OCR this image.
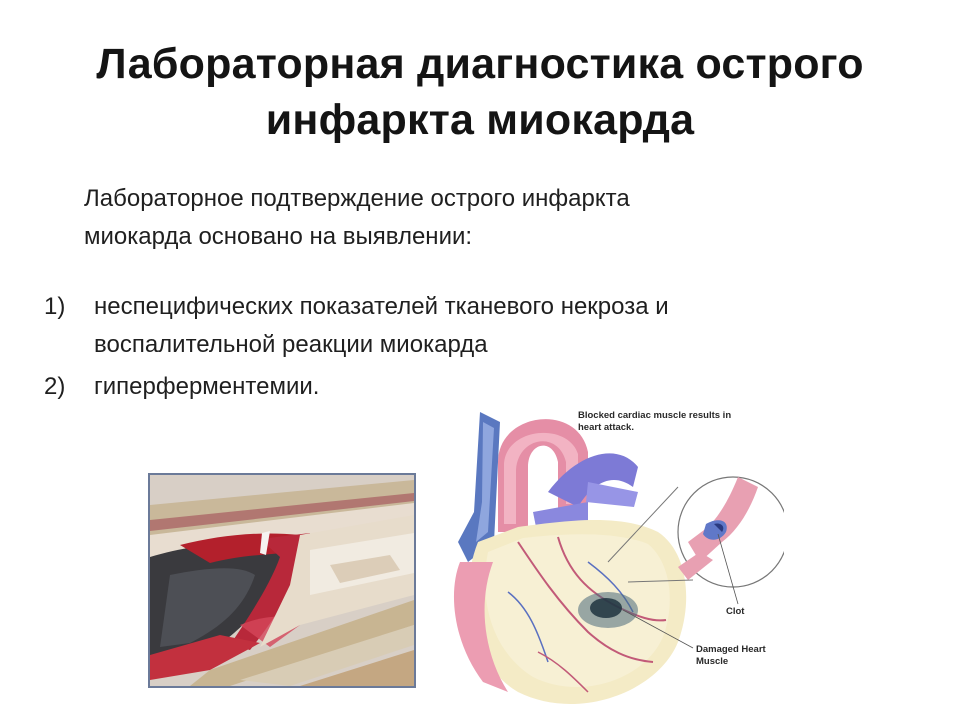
Лабораторная диагностика острого
инфаркта миокарда
Лабораторное подтверждение острого инфаркта
миокарда основано на выявлении:
1)	неспецифических показателей тканевого некроза и
воспалительной реакции миокарда
2)	гиперферментемии.
Blocked cardiac muscle results in
heart attack.
Clot
Damaged Heart
Muscle
